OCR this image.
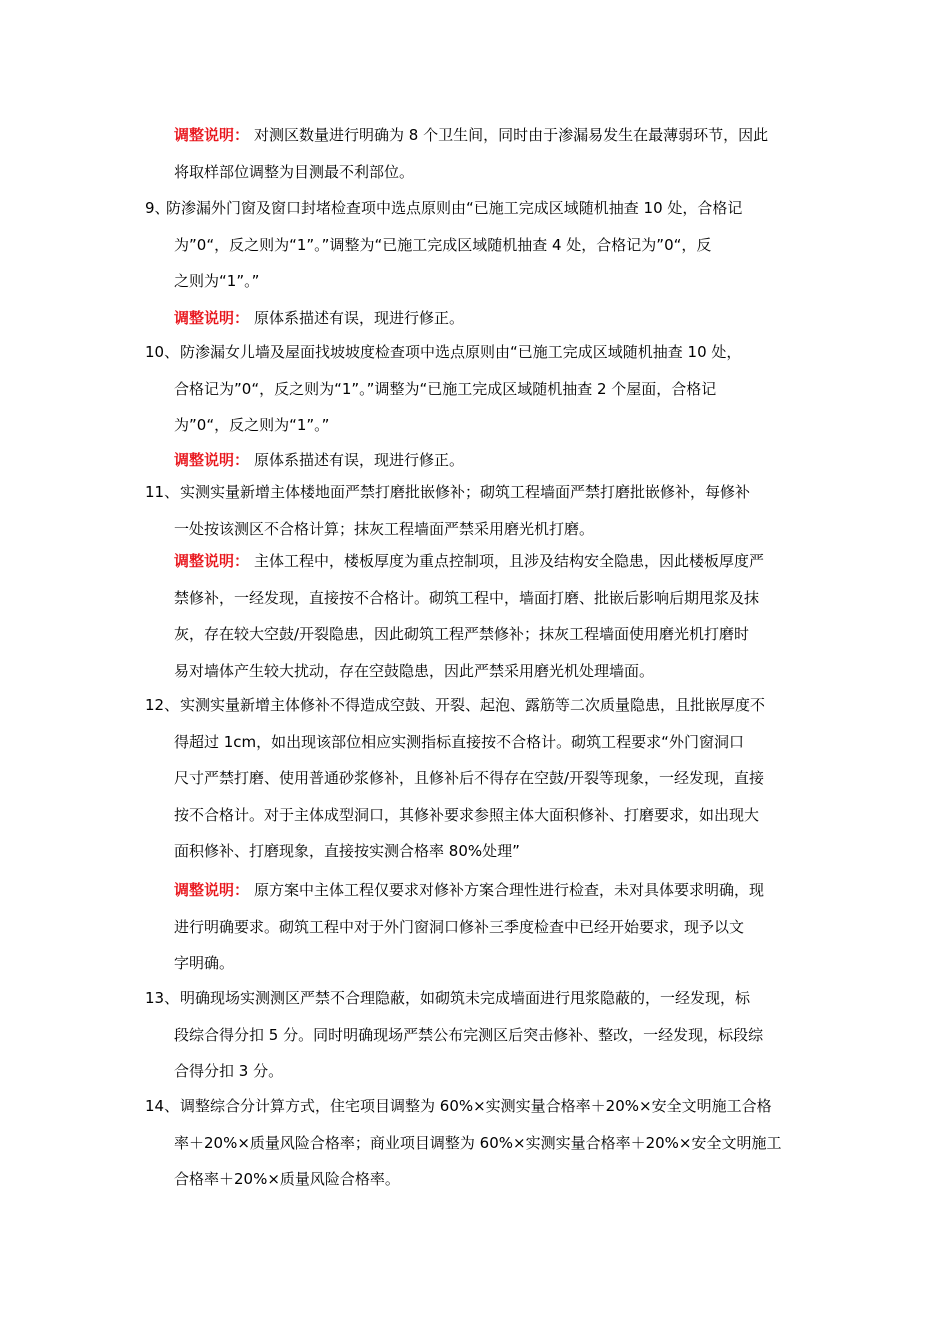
调整说明： 对测区数量进行明确为 8 个卫生间，同时由于渗漏易发生在最薄弱环节，因此
将取样部位调整为目测最不利部位。
9、
防渗漏外门窗及窗口封堵检查项中选点原则由“已施工完成区域随机抽查 10 处，合格记
为”0“，反之则为“1”。”调整为“已施工完成区域随机抽查 4 处，合格记为”0“，反
之则为“1”。”
调整说明： 原体系描述有误，现进行修正。
10、 防渗漏女儿墙及屋面找坡坡度检查项中选点原则由“已施工完成区域随机抽查 10 处，
合格记为”0“，反之则为“1”。”调整为“已施工完成区域随机抽查 2 个屋面，合格记
为”0“，反之则为“1”。”
调整说明： 原体系描述有误，现进行修正。
11、 实测实量新增主体楼地面严禁打磨批嵌修补；砌筑工程墙面严禁打磨批嵌修补，每修补
一处按该测区不合格计算；抹灰工程墙面严禁采用磨光机打磨。
调整说明： 主体工程中，楼板厚度为重点控制项，且涉及结构安全隐患，因此楼板厚度严
禁修补，一经发现，直接按不合格计。砌筑工程中，墙面打磨、批嵌后影响后期甩浆及抹
灰，存在较大空鼓/开裂隐患，因此砌筑工程严禁修补；抹灰工程墙面使用磨光机打磨时
易对墙体产生较大扰动，存在空鼓隐患，因此严禁采用磨光机处理墙面。
12、 实测实量新增主体修补不得造成空鼓、开裂、起泡、露筋等二次质量隐患，且批嵌厚度不
得超过 1cm，如出现该部位相应实测指标直接按不合格计。砌筑工程要求“外门窗洞口
尺寸严禁打磨、使用普通砂浆修补，且修补后不得存在空鼓/开裂等现象，一经发现，直接
按不合格计。对于主体成型洞口，其修补要求参照主体大面积修补、打磨要求，如出现大
面积修补、打磨现象，直接按实测合格率 80%处理”
调整说明： 原方案中主体工程仅要求对修补方案合理性进行检查，未对具体要求明确，现
进行明确要求。砌筑工程中对于外门窗洞口修补三季度检查中已经开始要求，现予以文
字明确。
13、 明确现场实测测区严禁不合理隐蔽，如砌筑未完成墙面进行甩浆隐蔽的，一经发现，标
段综合得分扣 5 分。同时明确现场严禁公布完测区后突击修补、整改，一经发现，标段综
合得分扣 3 分。
14、 调整综合分计算方式，住宅项目调整为 60%×实测实量合格率＋20%×安全文明施工合格
率＋20%×质量风险合格率；商业项目调整为 60%×实测实量合格率＋20%×安全文明施工
合格率＋20%×质量风险合格率。
